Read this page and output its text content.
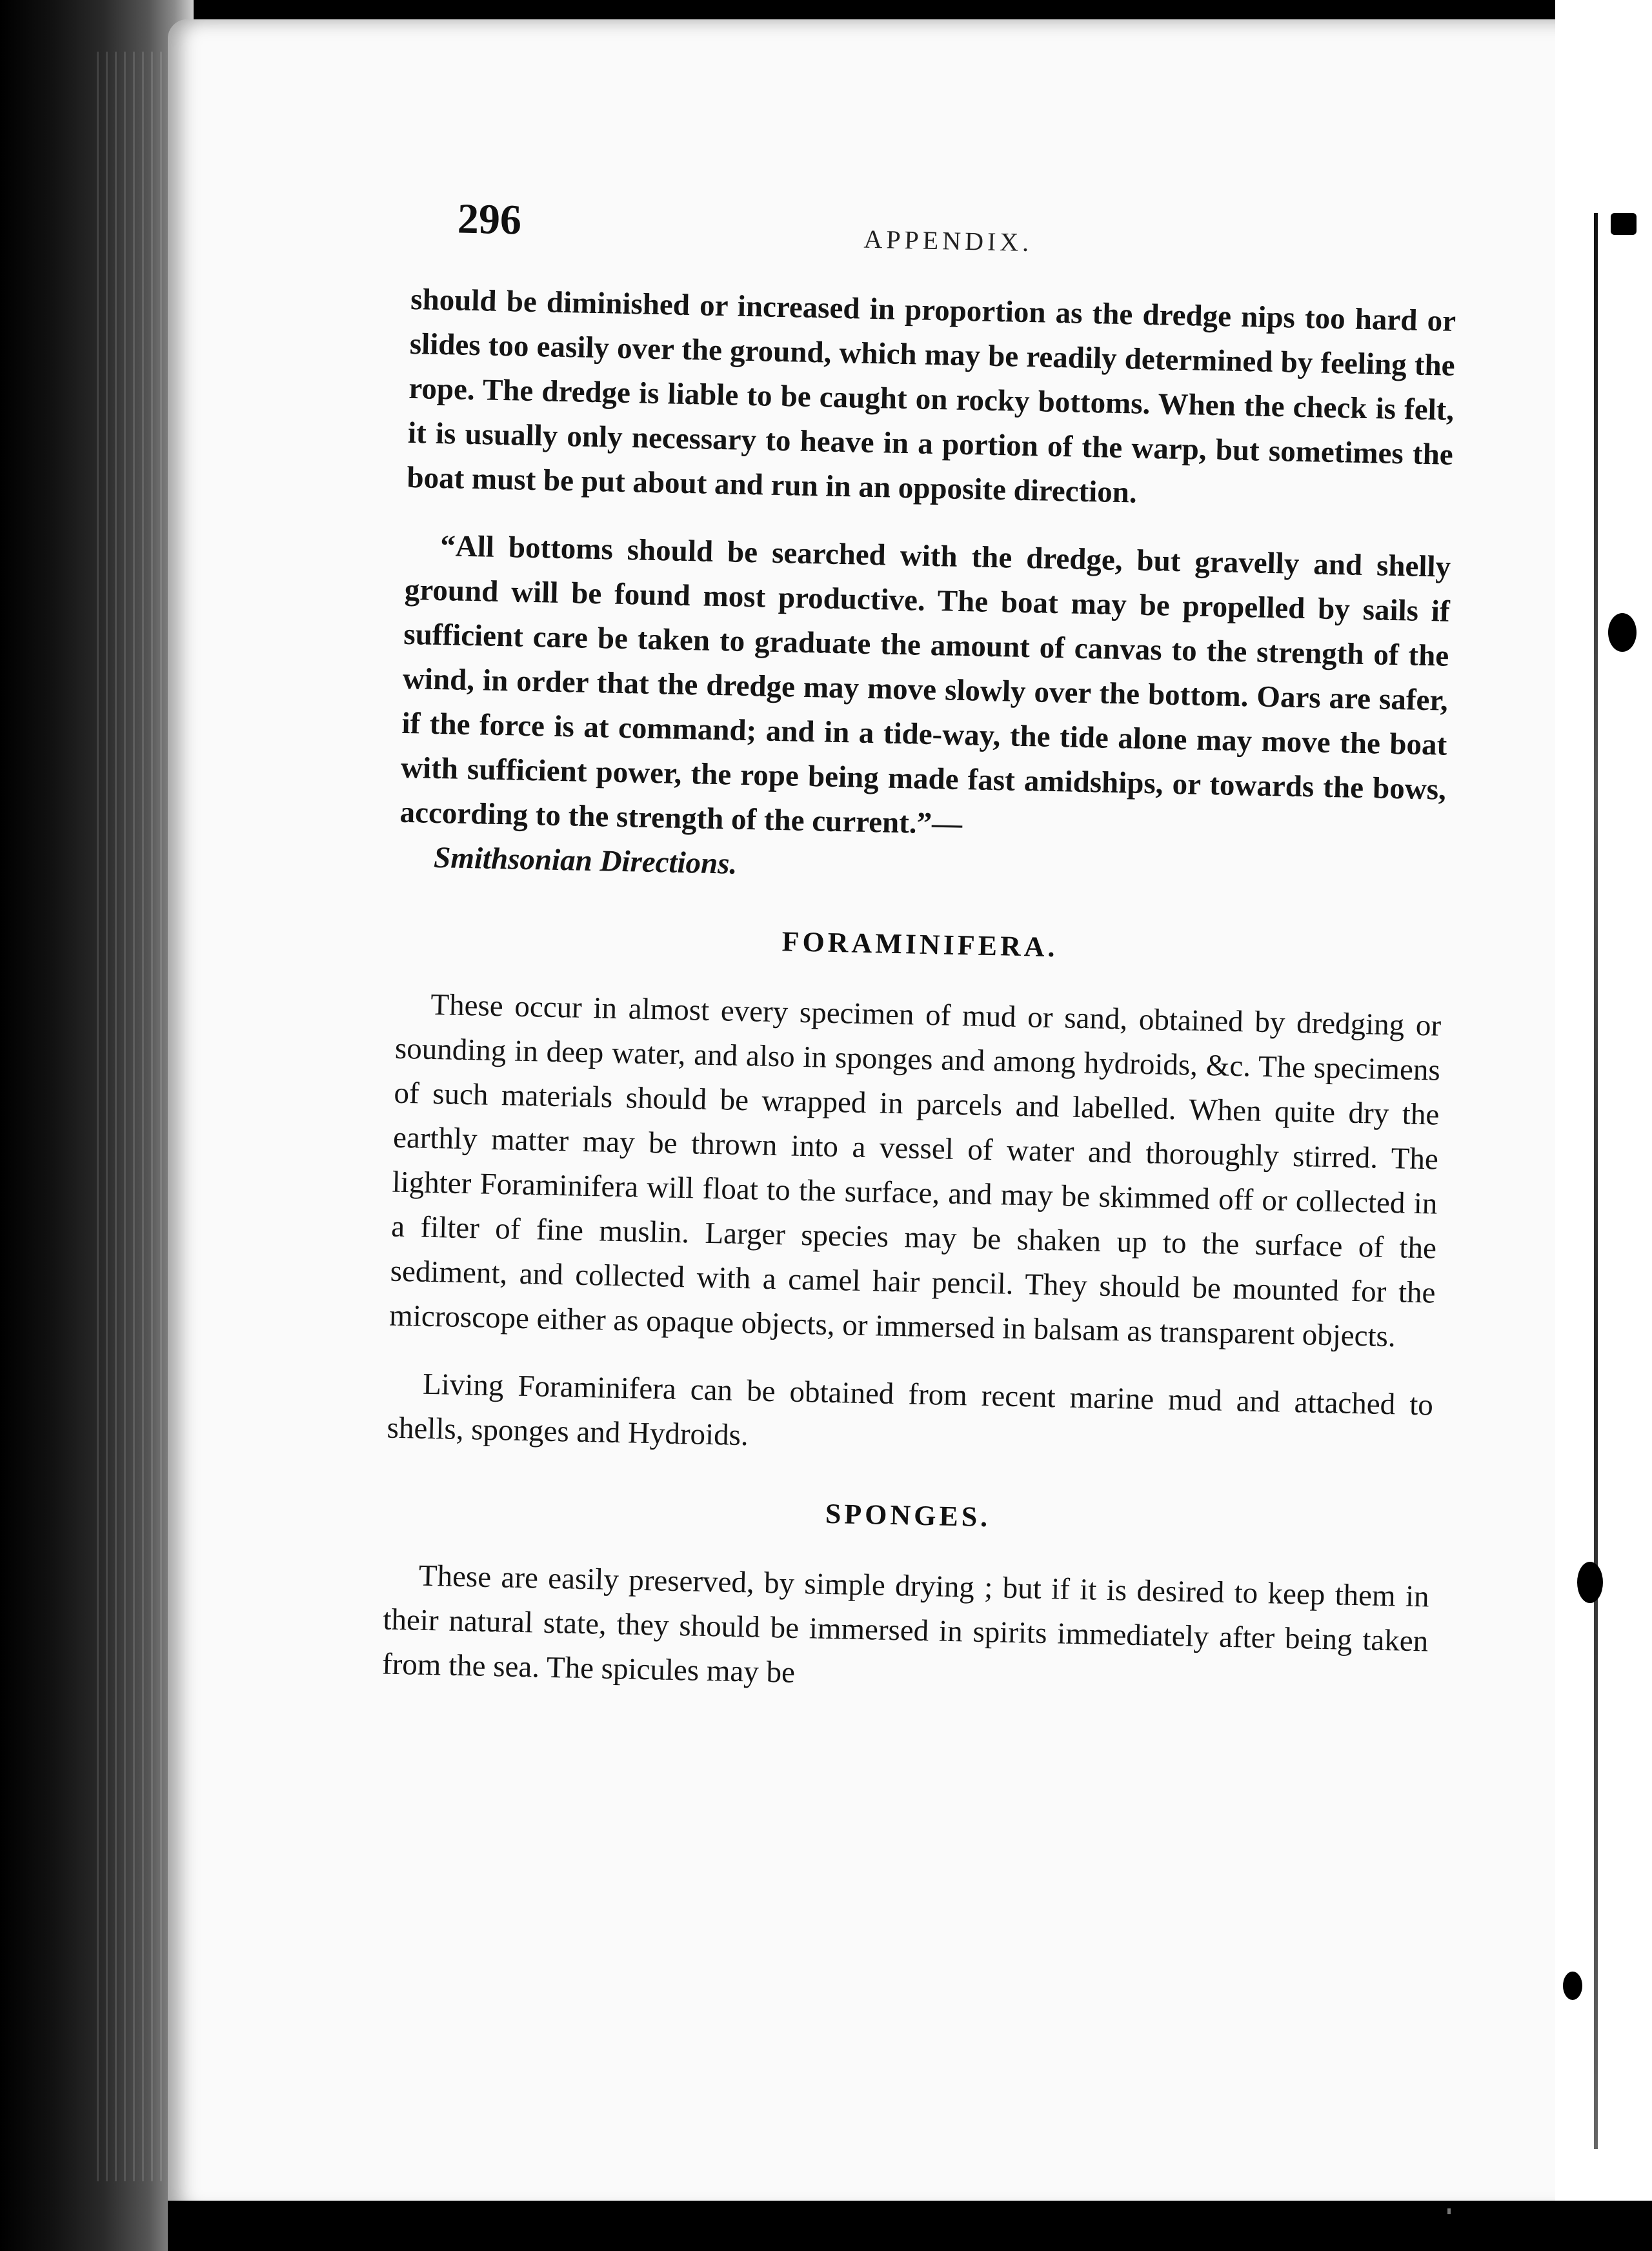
296	APPENDIX.

should be diminished or increased in proportion as the dredge nips too hard or slides too easily over the ground, which may be readily determined by feeling the rope. The dredge is liable to be caught on rocky bottoms. When the check is felt, it is usually only necessary to heave in a portion of the warp, but sometimes the boat must be put about and run in an opposite direction.

“All bottoms should be searched with the dredge, but gravelly and shelly ground will be found most productive. The boat may be propelled by sails if sufficient care be taken to graduate the amount of canvas to the strength of the wind, in order that the dredge may move slowly over the bottom. Oars are safer, if the force is at command; and in a tide-way, the tide alone may move the boat with sufficient power, the rope being made fast amidships, or towards the bows, according to the strength of the current.”—
Smithsonian Directions.

FORAMINIFERA.

These occur in almost every specimen of mud or sand, obtained by dredging or sounding in deep water, and also in sponges and among hydroids, &c. The specimens of such materials should be wrapped in parcels and labelled. When quite dry the earthly matter may be thrown into a vessel of water and thoroughly stirred. The lighter Foraminifera will float to the surface, and may be skimmed off or collected in a filter of fine muslin. Larger species may be shaken up to the surface of the sediment, and collected with a camel hair pencil. They should be mounted for the microscope either as opaque objects, or immersed in balsam as transparent objects.

Living Foraminifera can be obtained from recent marine mud and attached to shells, sponges and Hydroids.

SPONGES.

These are easily preserved, by simple drying ; but if it is desired to keep them in their natural state, they should be immersed in spirits immediately after being taken from the sea. The spicules may be
